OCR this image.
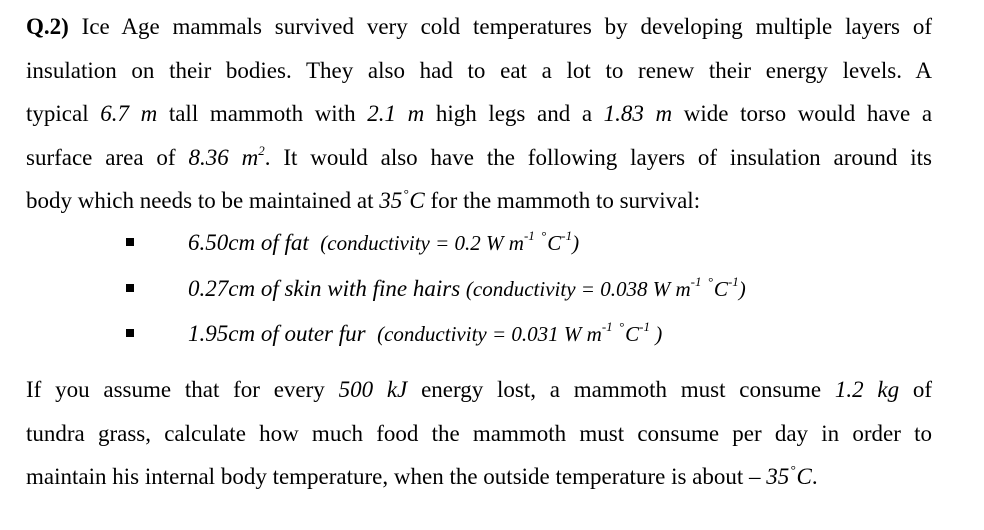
Q.2) Ice Age mammals survived very cold temperatures by developing multiple layers of
insulation on their bodies. They also had to eat a lot to renew their energy levels. A
typical 6.7 m tall mammoth with 2.1 m high legs and a 1.83 m wide torso would have a
surface area of 8.36 $m^2$. It would also have the following layers of insulation around its
body which needs to be maintained at 35°C for the mammoth to survival:
6.50cm of fat (conductivity = 0.2 W $m^{-1}$ $^\circ C^{-1}$)
0.27cm of skin with fine hairs (conductivity = 0.038 W $m^{-1}$ $^\circ C^{-1}$)
1.95cm of outer fur (conductivity = 0.031 W $m^{-1}$ $^\circ C^{-1}$ )
If you assume that for every 500 kJ energy lost, a mammoth must consume 1.2 kg of
tundra grass, calculate how much food the mammoth must consume per day in order to
maintain his internal body temperature, when the outside temperature is about – 35°C.
